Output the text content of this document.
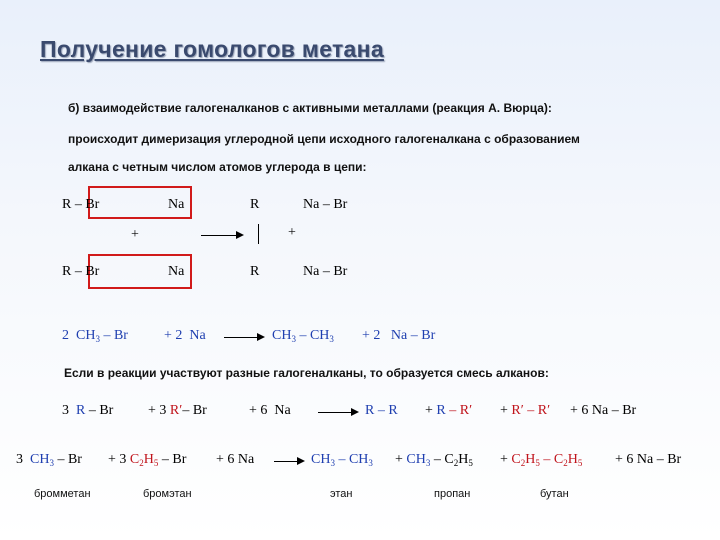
Получение гомологов метана
б) взаимодействие галогеналканов с активными металлами (реакция А. Вюрца):
происходит димеризация углеродной цепи исходного галогеналкана с образованием
алкана с четным числом атомов углерода в цепи:
R – Br	Na	R	Na – Br
+	+
R – Br	Na	R	Na – Br
2 $CH_3$ – Br	+ 2 Na	$CH_3 - CH_3 + 2$ Na – Br
Если в реакции участвуют разные галогеналканы, то образуется смесь алканов:
3 R – Br + 3 R′– Br	+ 6 Na	R – R + R – R′ + R′ – R′ + 6 Na – Br
3 $CH_3 - Br + 3$ $C_2H_5 - Br + 6$ Na	$CH_3 - CH_3 + CH_3 - C_2H_5 + C_2H_5 - C_2H_5 + 6$ Na – Br
бромметан	бромэтан	этан	пропан	бутан
